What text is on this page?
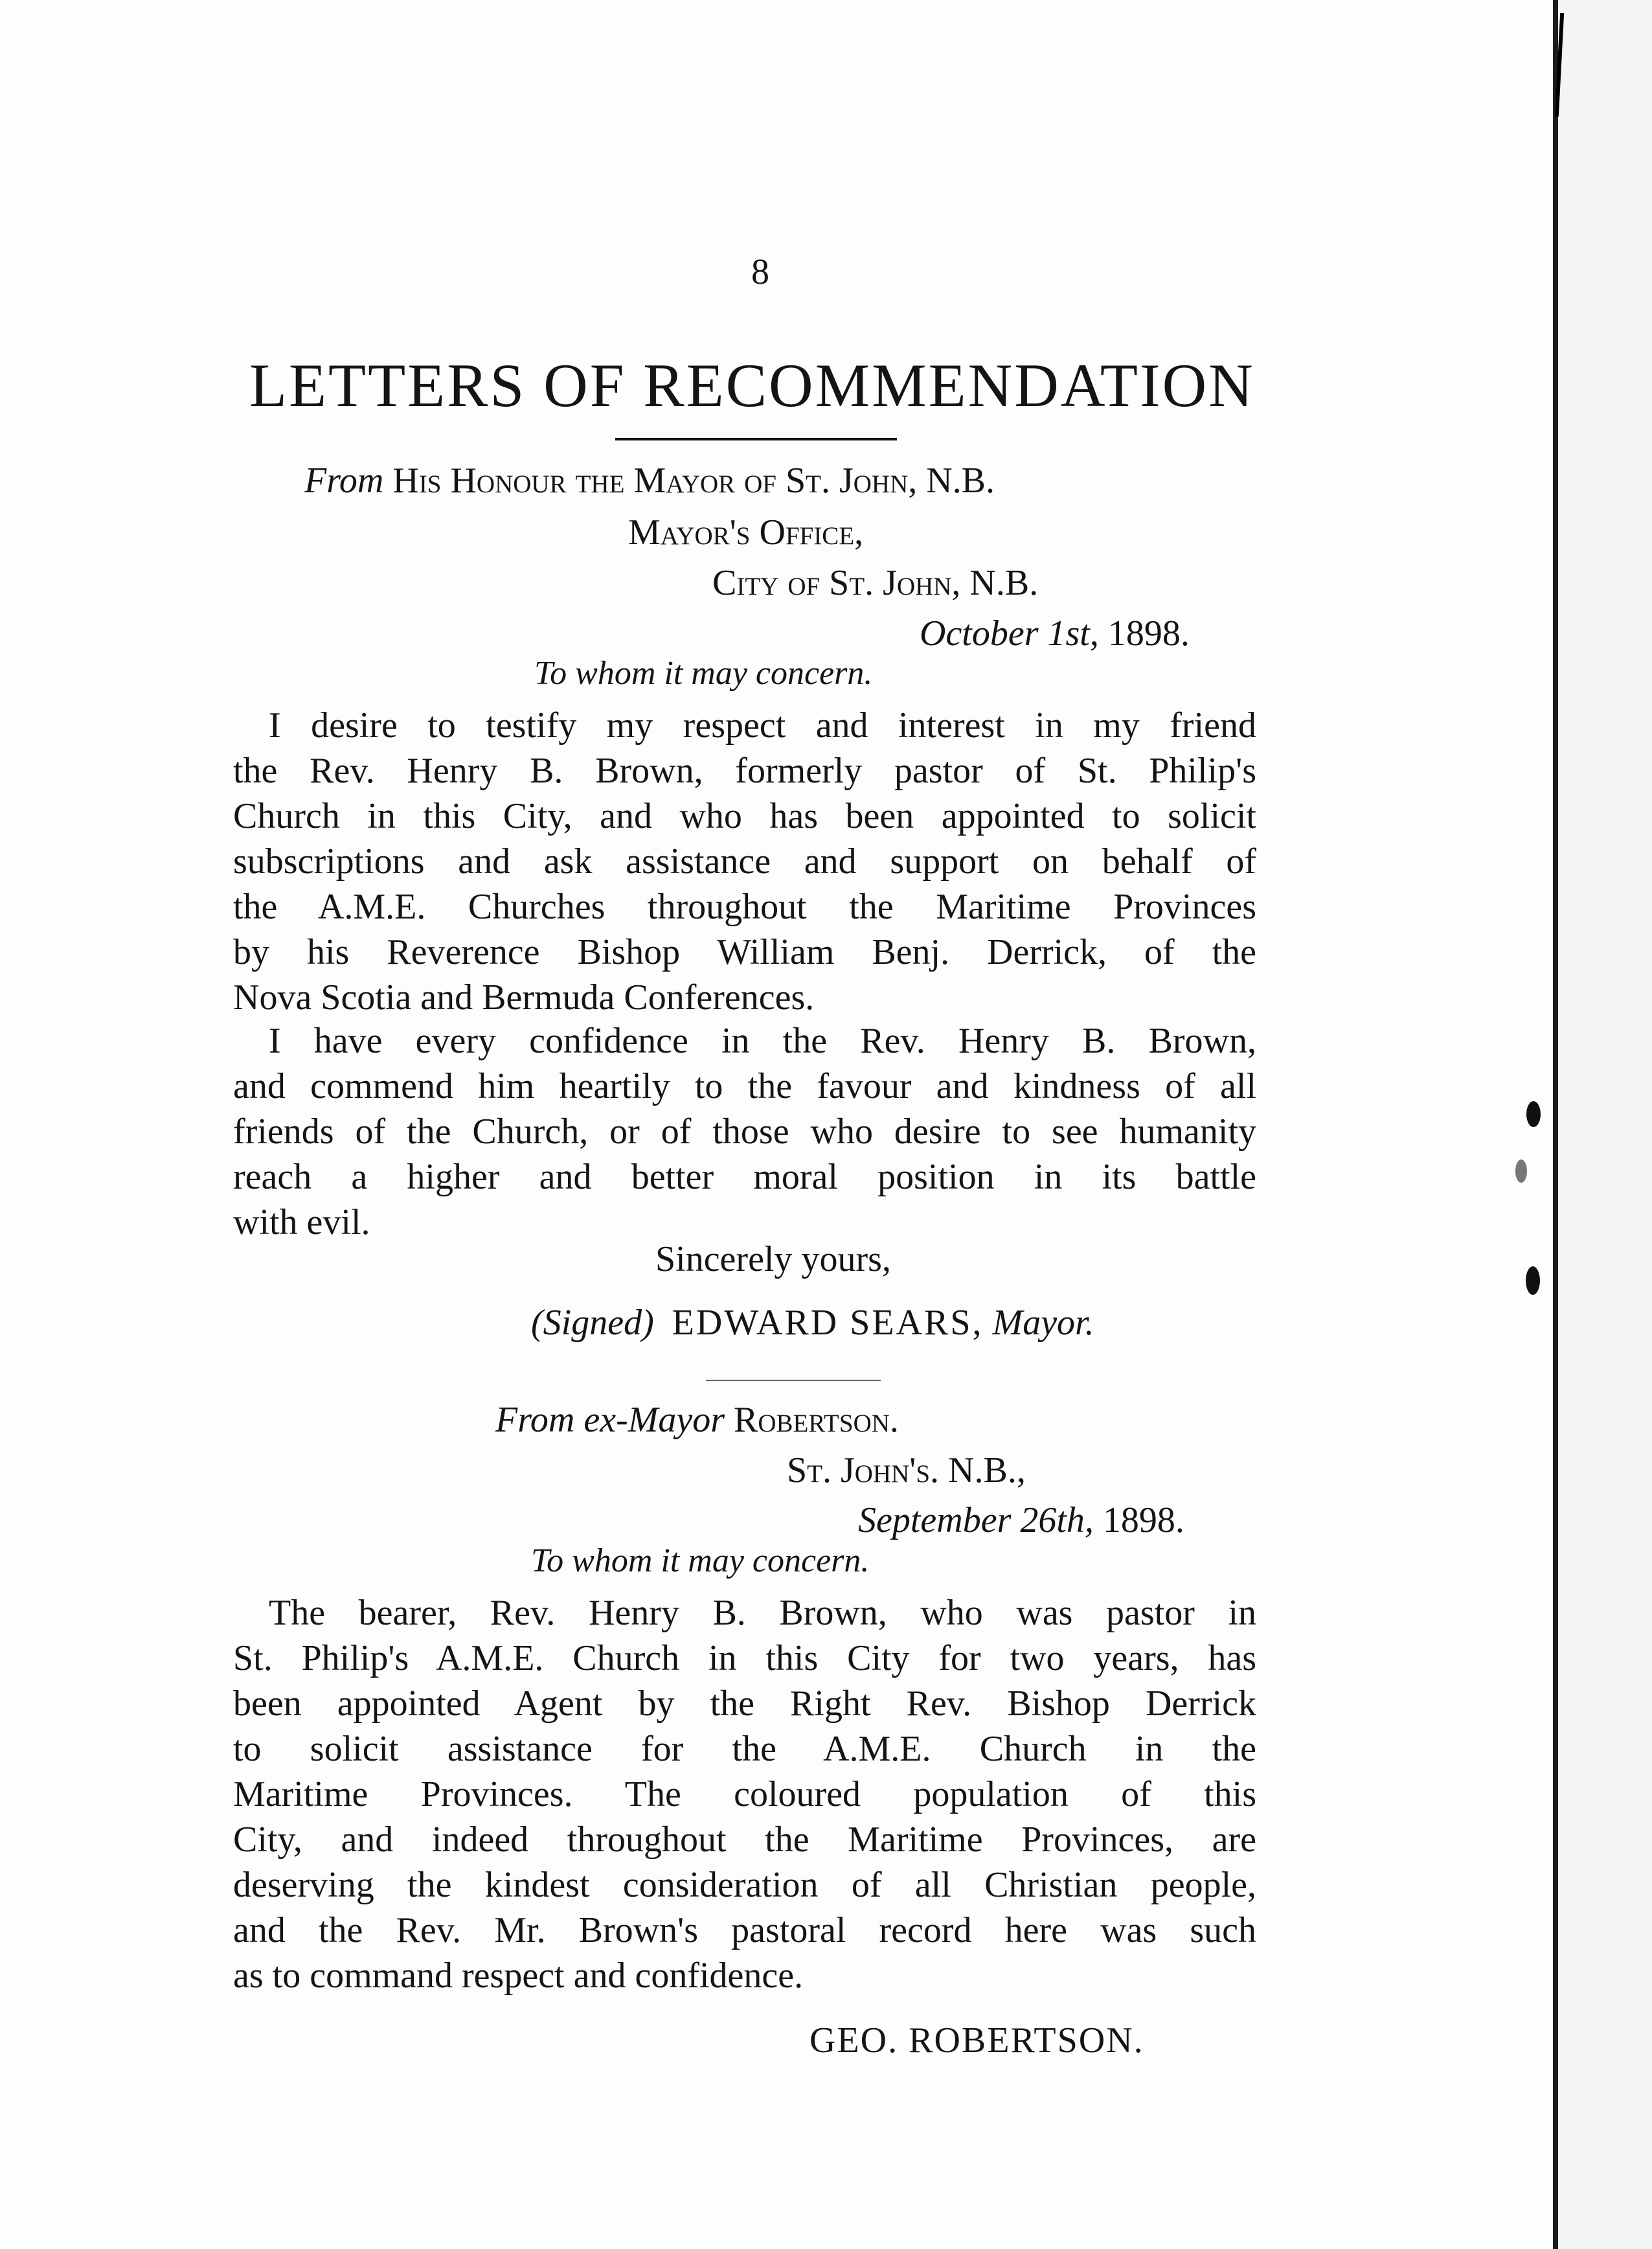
8
LETTERS OF RECOMMENDATION
From His Honour the Mayor of St. John, N.B.
Mayor's Office,
City of St. John, N.B.
October 1st, 1898.
To whom it may concern.
I desire to testify my respect and interest in my friend
the Rev. Henry B. Brown, formerly pastor of St. Philip's
Church in this City, and who has been appointed to solicit
subscriptions and ask assistance and support on behalf of
the A.M.E. Churches throughout the Maritime Provinces
by his Reverence Bishop William Benj. Derrick, of the
Nova Scotia and Bermuda Conferences.
I have every confidence in the Rev. Henry B. Brown,
and commend him heartily to the favour and kindness of all
friends of the Church, or of those who desire to see humanity
reach a higher and better moral position in its battle
with evil.
Sincerely yours,
(Signed) EDWARD SEARS, Mayor.
From ex-Mayor Robertson.
St. John's. N.B.,
September 26th, 1898.
To whom it may concern.
The bearer, Rev. Henry B. Brown, who was pastor in
St. Philip's A.M.E. Church in this City for two years, has
been appointed Agent by the Right Rev. Bishop Derrick
to solicit assistance for the A.M.E. Church in the
Maritime Provinces. The coloured population of this
City, and indeed throughout the Maritime Provinces, are
deserving the kindest consideration of all Christian people,
and the Rev. Mr. Brown's pastoral record here was such
as to command respect and confidence.
GEO. ROBERTSON.
